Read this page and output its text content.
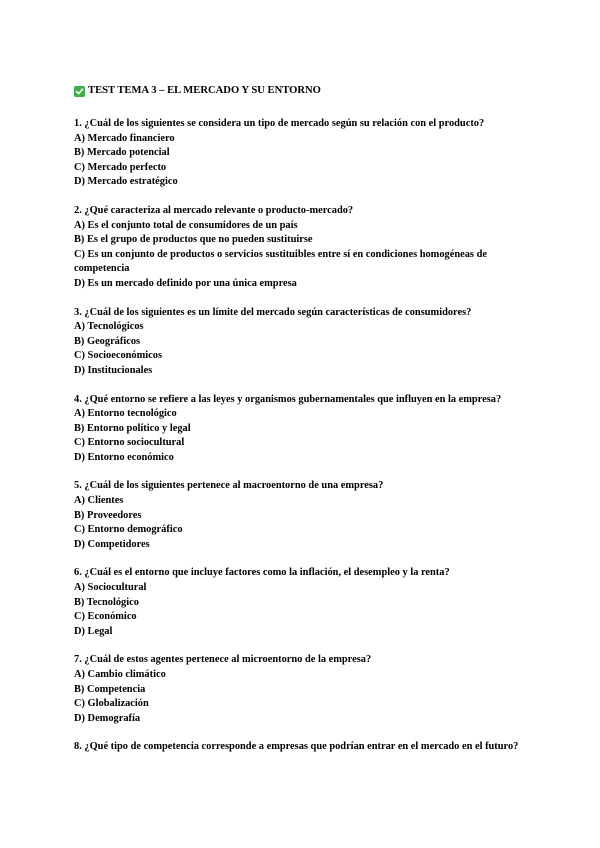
TEST TEMA 3 – EL MERCADO Y SU ENTORNO

1. ¿Cuál de los siguientes se considera un tipo de mercado según su relación con el producto?

A) Mercado financiero

B) Mercado potencial

C) Mercado perfecto

D) Mercado estratégico

2. ¿Qué caracteriza al mercado relevante o producto-mercado?

A) Es el conjunto total de consumidores de un país

B) Es el grupo de productos que no pueden sustituirse

C) Es un conjunto de productos o servicios sustituibles entre sí en condiciones homogéneas de competencia

D) Es un mercado definido por una única empresa

3. ¿Cuál de los siguientes es un límite del mercado según características de consumidores?

A) Tecnológicos

B) Geográficos

C) Socioeconómicos

D) Institucionales

4. ¿Qué entorno se refiere a las leyes y organismos gubernamentales que influyen en la empresa?

A) Entorno tecnológico

B) Entorno político y legal

C) Entorno sociocultural

D) Entorno económico

5. ¿Cuál de los siguientes pertenece al macroentorno de una empresa?

A) Clientes

B) Proveedores

C) Entorno demográfico

D) Competidores

6. ¿Cuál es el entorno que incluye factores como la inflación, el desempleo y la renta?

A) Sociocultural

B) Tecnológico

C) Económico

D) Legal

7. ¿Cuál de estos agentes pertenece al microentorno de la empresa?

A) Cambio climático

B) Competencia

C) Globalización

D) Demografía

8. ¿Qué tipo de competencia corresponde a empresas que podrían entrar en el mercado en el futuro?
